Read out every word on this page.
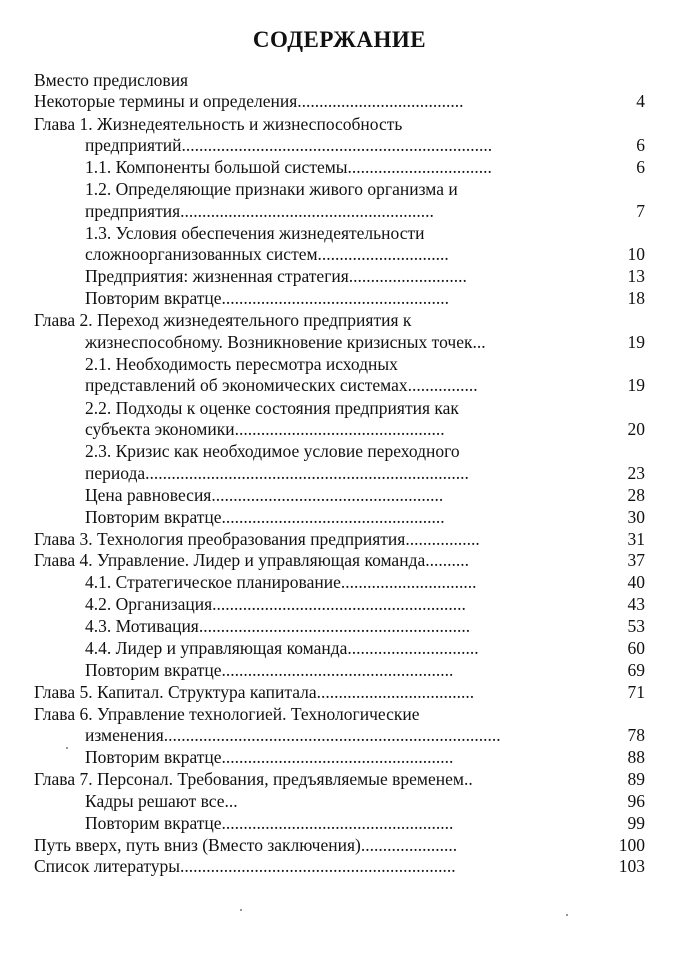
СОДЕРЖАНИЕ
Вместо предисловия
Некоторые термины и определения......................................	4
Глава 1. Жизнедеятельность и жизнеспособность
предприятий.......................................................................	6
1.1. Компоненты большой системы.................................	6
1.2. Определяющие признаки живого организма и
предприятия..........................................................	7
1.3. Условия обеспечения жизнедеятельности
сложноорганизованных систем..............................	10
Предприятия: жизненная стратегия...........................	13
Повторим вкратце....................................................	18
Глава 2. Переход жизнедеятельного предприятия к
жизнеспособному. Возникновение кризисных точек...	19
2.1. Необходимость пересмотра исходных
представлений об экономических системах................	19
2.2. Подходы к оценке состояния предприятия как
субъекта экономики................................................	20
2.3. Кризис как необходимое условие переходного
периода..........................................................................	23
Цена равновесия.....................................................	28
Повторим вкратце...................................................	30
Глава 3. Технология преобразования предприятия.................	31
Глава 4. Управление. Лидер и управляющая команда..........	37
4.1. Стратегическое планирование...............................	40
4.2. Организация..........................................................	43
4.3. Мотивация..............................................................	53
4.4. Лидер и управляющая команда..............................	60
Повторим вкратце.....................................................	69
Глава 5. Капитал. Структура капитала....................................	71
Глава 6. Управление технологией. Технологические
изменения.............................................................................	78
Повторим вкратце.....................................................	88
Глава 7. Персонал. Требования, предъявляемые временем..	89
Кадры решают все...	96
Повторим вкратце.....................................................	99
Путь вверх, путь вниз (Вместо заключения)......................	100
Список литературы...............................................................	103
